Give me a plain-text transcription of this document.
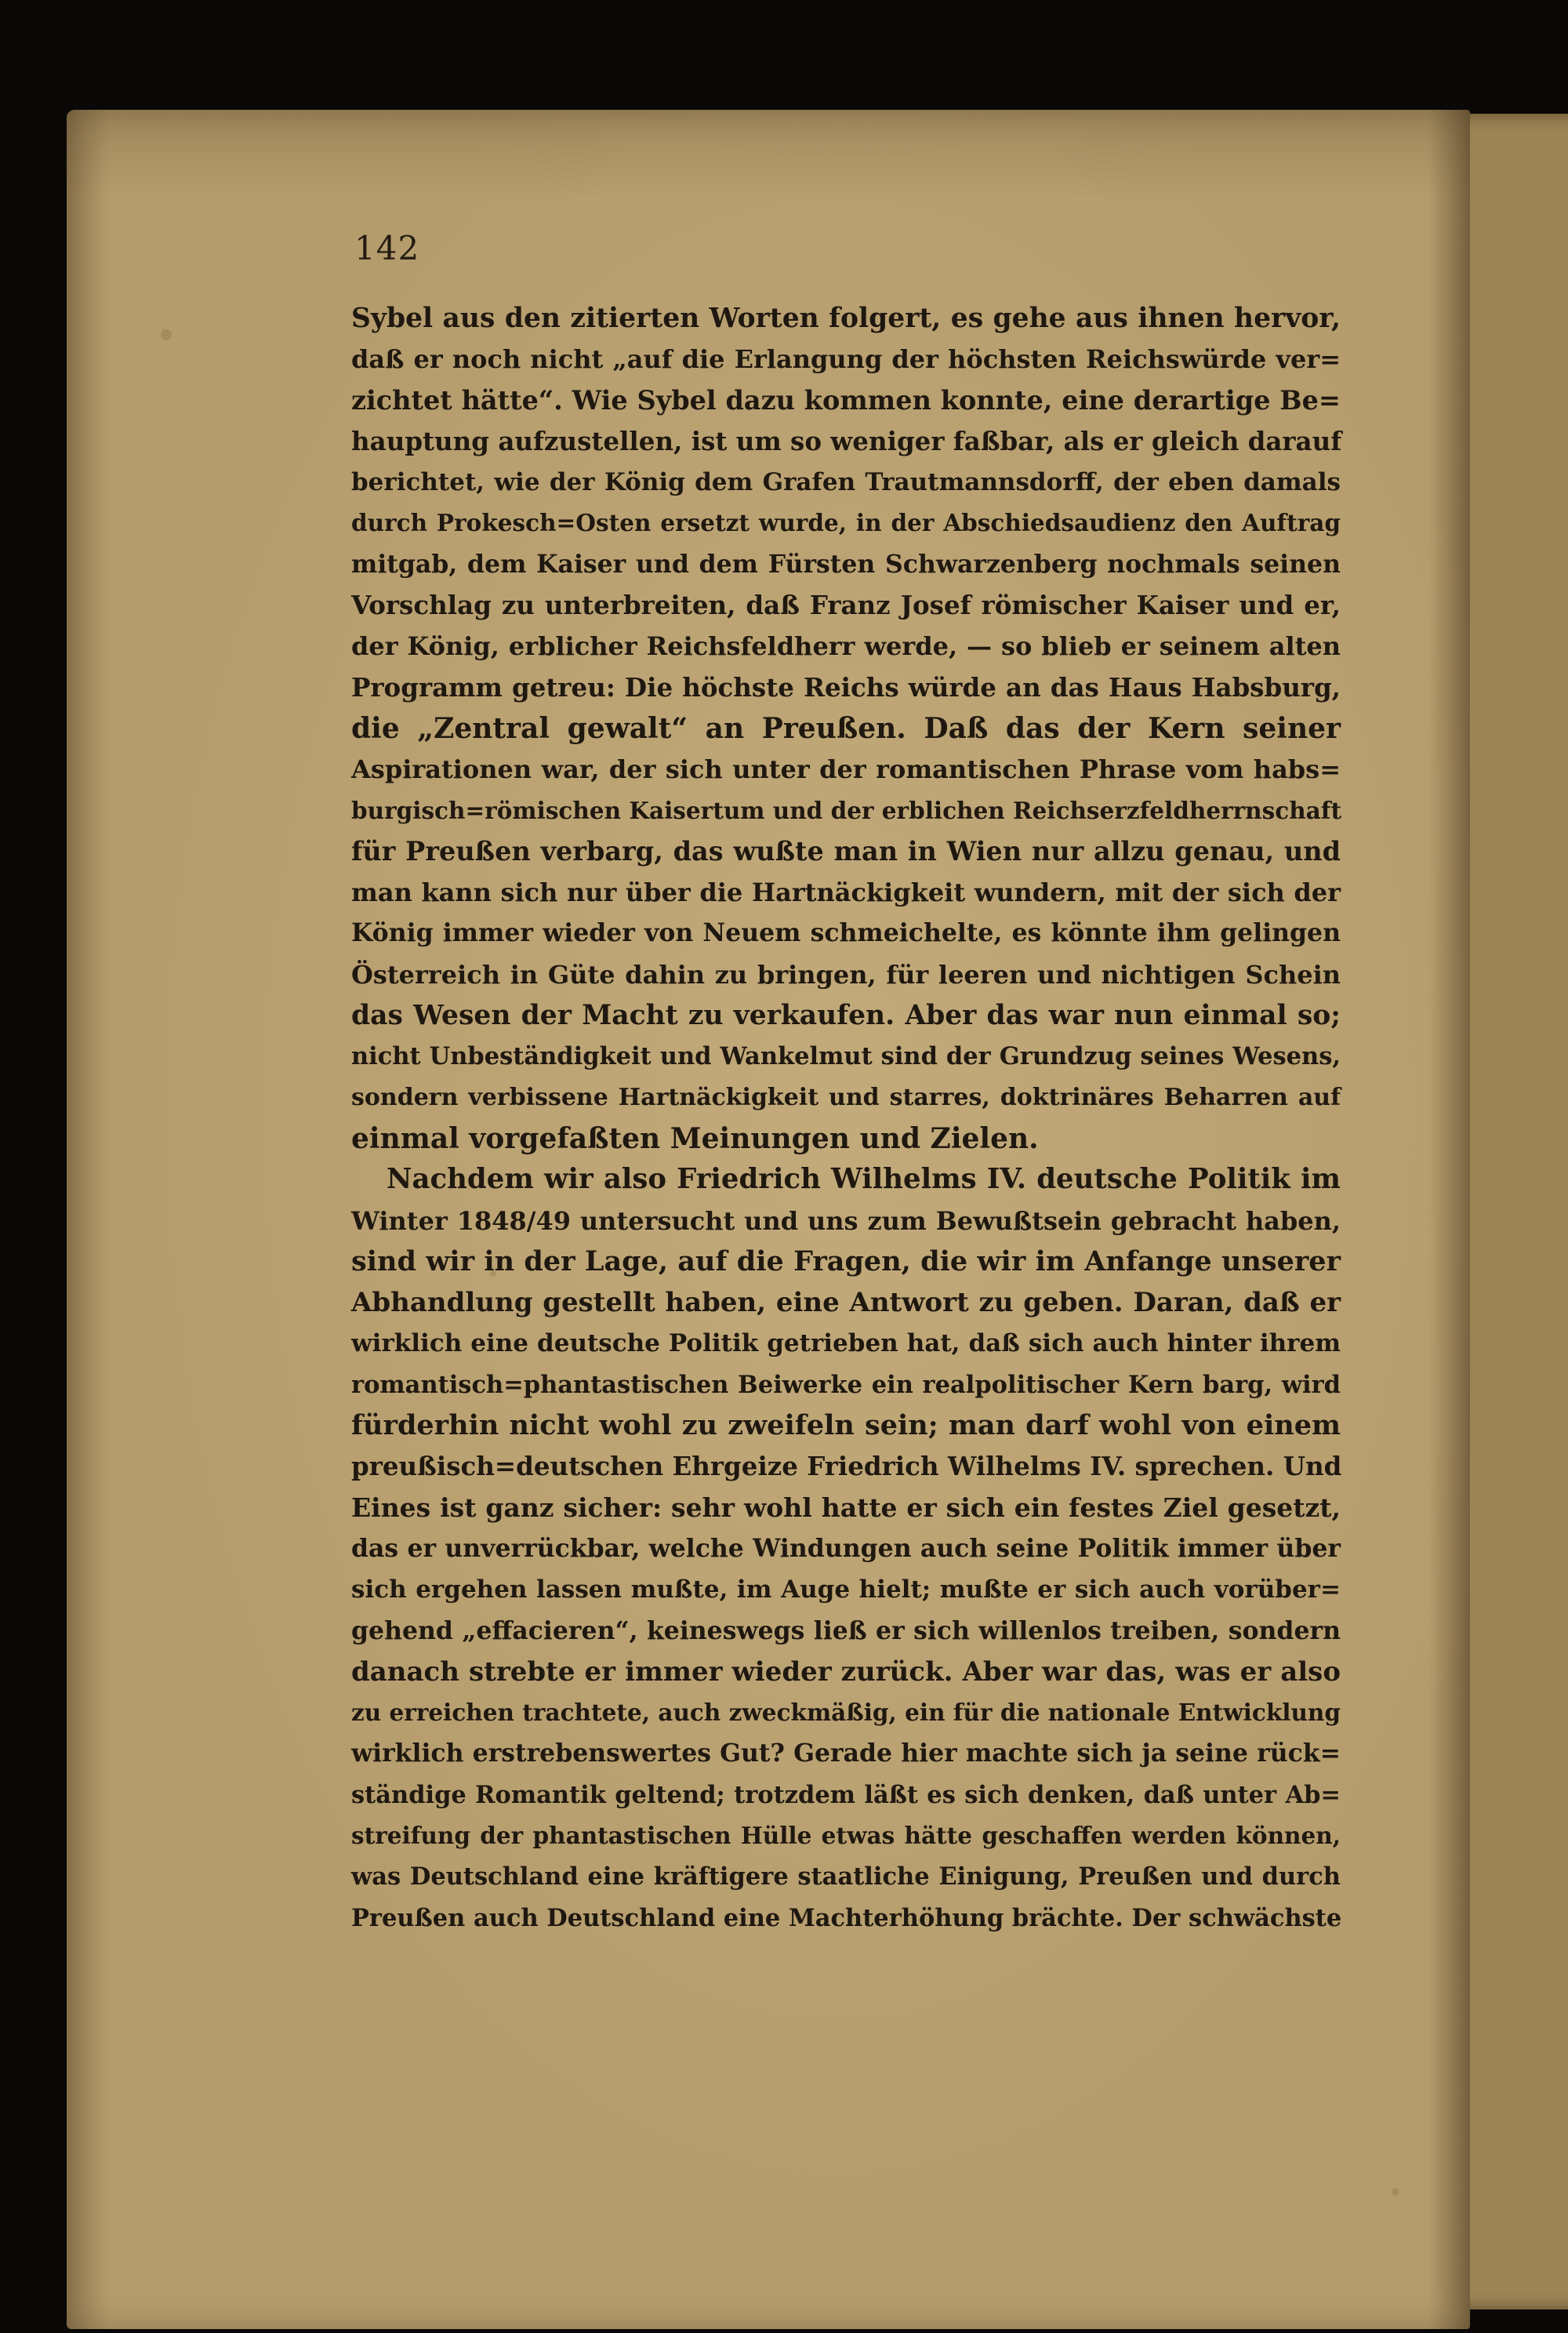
142
Sybel aus den zitierten Worten folgert, es gehe aus ihnen hervor,
daß er noch nicht „auf die Erlangung der höchsten Reichswürde ver=
zichtet hätte“. Wie Sybel dazu kommen konnte, eine derartige Be=
hauptung aufzustellen, ist um so weniger faßbar, als er gleich darauf
berichtet, wie der König dem Grafen Trautmannsdorff, der eben damals
durch Prokesch=Osten ersetzt wurde, in der Abschiedsaudienz den Auftrag
mitgab, dem Kaiser und dem Fürsten Schwarzenberg nochmals seinen
Vorschlag zu unterbreiten, daß Franz Josef römischer Kaiser und er,
der König, erblicher Reichsfeldherr werde, — so blieb er seinem alten
Programm getreu: Die höchste Reichs würde an das Haus Habsburg,
die „Zentral gewalt“ an Preußen. Daß das der Kern seiner
Aspirationen war, der sich unter der romantischen Phrase vom habs=
burgisch=römischen Kaisertum und der erblichen Reichserzfeldherrnschaft
für Preußen verbarg, das wußte man in Wien nur allzu genau, und
man kann sich nur über die Hartnäckigkeit wundern, mit der sich der
König immer wieder von Neuem schmeichelte, es könnte ihm gelingen
Österreich in Güte dahin zu bringen, für leeren und nichtigen Schein
das Wesen der Macht zu verkaufen. Aber das war nun einmal so;
nicht Unbeständigkeit und Wankelmut sind der Grundzug seines Wesens,
sondern verbissene Hartnäckigkeit und starres, doktrinäres Beharren auf
einmal vorgefaßten Meinungen und Zielen.
Nachdem wir also Friedrich Wilhelms IV. deutsche Politik im
Winter 1848/49 untersucht und uns zum Bewußtsein gebracht haben,
sind wir in der Lage, auf die Fragen, die wir im Anfange unserer
Abhandlung gestellt haben, eine Antwort zu geben. Daran, daß er
wirklich eine deutsche Politik getrieben hat, daß sich auch hinter ihrem
romantisch=phantastischen Beiwerke ein realpolitischer Kern barg, wird
fürderhin nicht wohl zu zweifeln sein; man darf wohl von einem
preußisch=deutschen Ehrgeize Friedrich Wilhelms IV. sprechen. Und
Eines ist ganz sicher: sehr wohl hatte er sich ein festes Ziel gesetzt,
das er unverrückbar, welche Windungen auch seine Politik immer über
sich ergehen lassen mußte, im Auge hielt; mußte er sich auch vorüber=
gehend „effacieren“, keineswegs ließ er sich willenlos treiben, sondern
danach strebte er immer wieder zurück. Aber war das, was er also
zu erreichen trachtete, auch zweckmäßig, ein für die nationale Entwicklung
wirklich erstrebenswertes Gut? Gerade hier machte sich ja seine rück=
ständige Romantik geltend; trotzdem läßt es sich denken, daß unter Ab=
streifung der phantastischen Hülle etwas hätte geschaffen werden können,
was Deutschland eine kräftigere staatliche Einigung, Preußen und durch
Preußen auch Deutschland eine Machterhöhung brächte. Der schwächste
